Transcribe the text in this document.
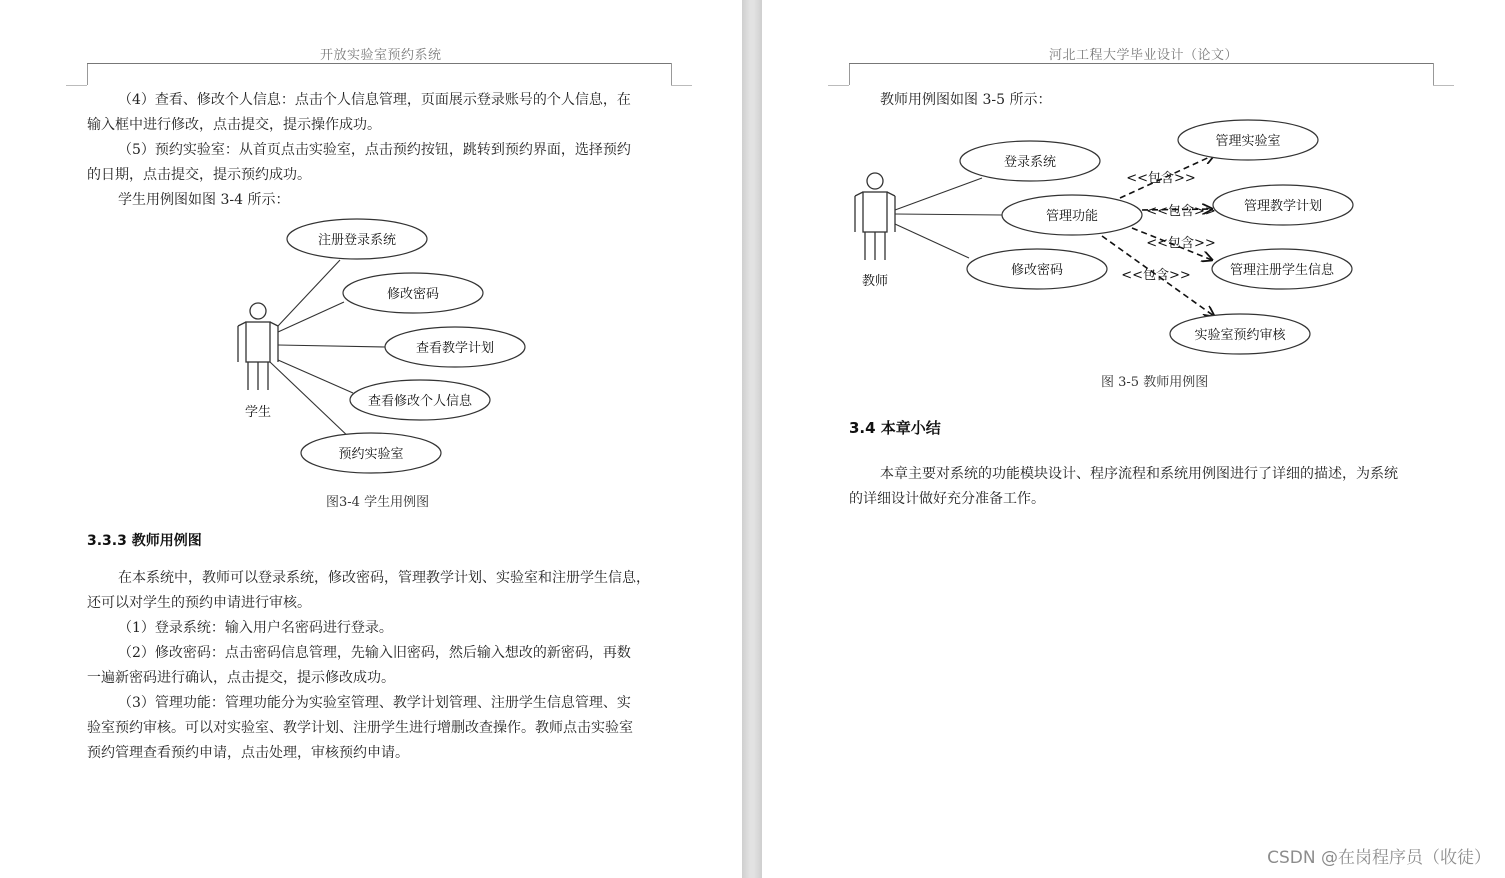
开放实验室预约系统
（4）查看、修改个人信息：点击个人信息管理，页面展示登录账号的个人信息，在
输入框中进行修改，点击提交，提示操作成功。
（5）预约实验室：从首页点击实验室，点击预约按钮，跳转到预约界面，选择预约
的日期，点击提交，提示预约成功。
学生用例图如图 3-4 所示：
学生
注册登录系统
修改密码
查看教学计划
查看修改个人信息
预约实验室
图3-4 学生用例图
3.3.3 教师用例图
在本系统中，教师可以登录系统，修改密码，管理教学计划、实验室和注册学生信息，
还可以对学生的预约申请进行审核。
（1）登录系统：输入用户名密码进行登录。
（2）修改密码：点击密码信息管理，先输入旧密码，然后输入想改的新密码，再数
一遍新密码进行确认，点击提交，提示修改成功。
（3）管理功能：管理功能分为实验室管理、教学计划管理、注册学生信息管理、实
验室预约审核。可以对实验室、教学计划、注册学生进行增删改查操作。教师点击实验室
预约管理查看预约申请，点击处理，审核预约申请。
河北工程大学毕业设计（论文）
教师用例图如图 3-5 所示：
教师
<<包含>>
<<包含>>
<<包含>>
<<包含>>
登录系统
管理功能
修改密码
管理实验室
管理教学计划
管理注册学生信息
实验室预约审核
图 3-5 教师用例图
3.4 本章小结
本章主要对系统的功能模块设计、程序流程和系统用例图进行了详细的描述，为系统
的详细设计做好充分准备工作。
CSDN @在岗程序员（收徒）
